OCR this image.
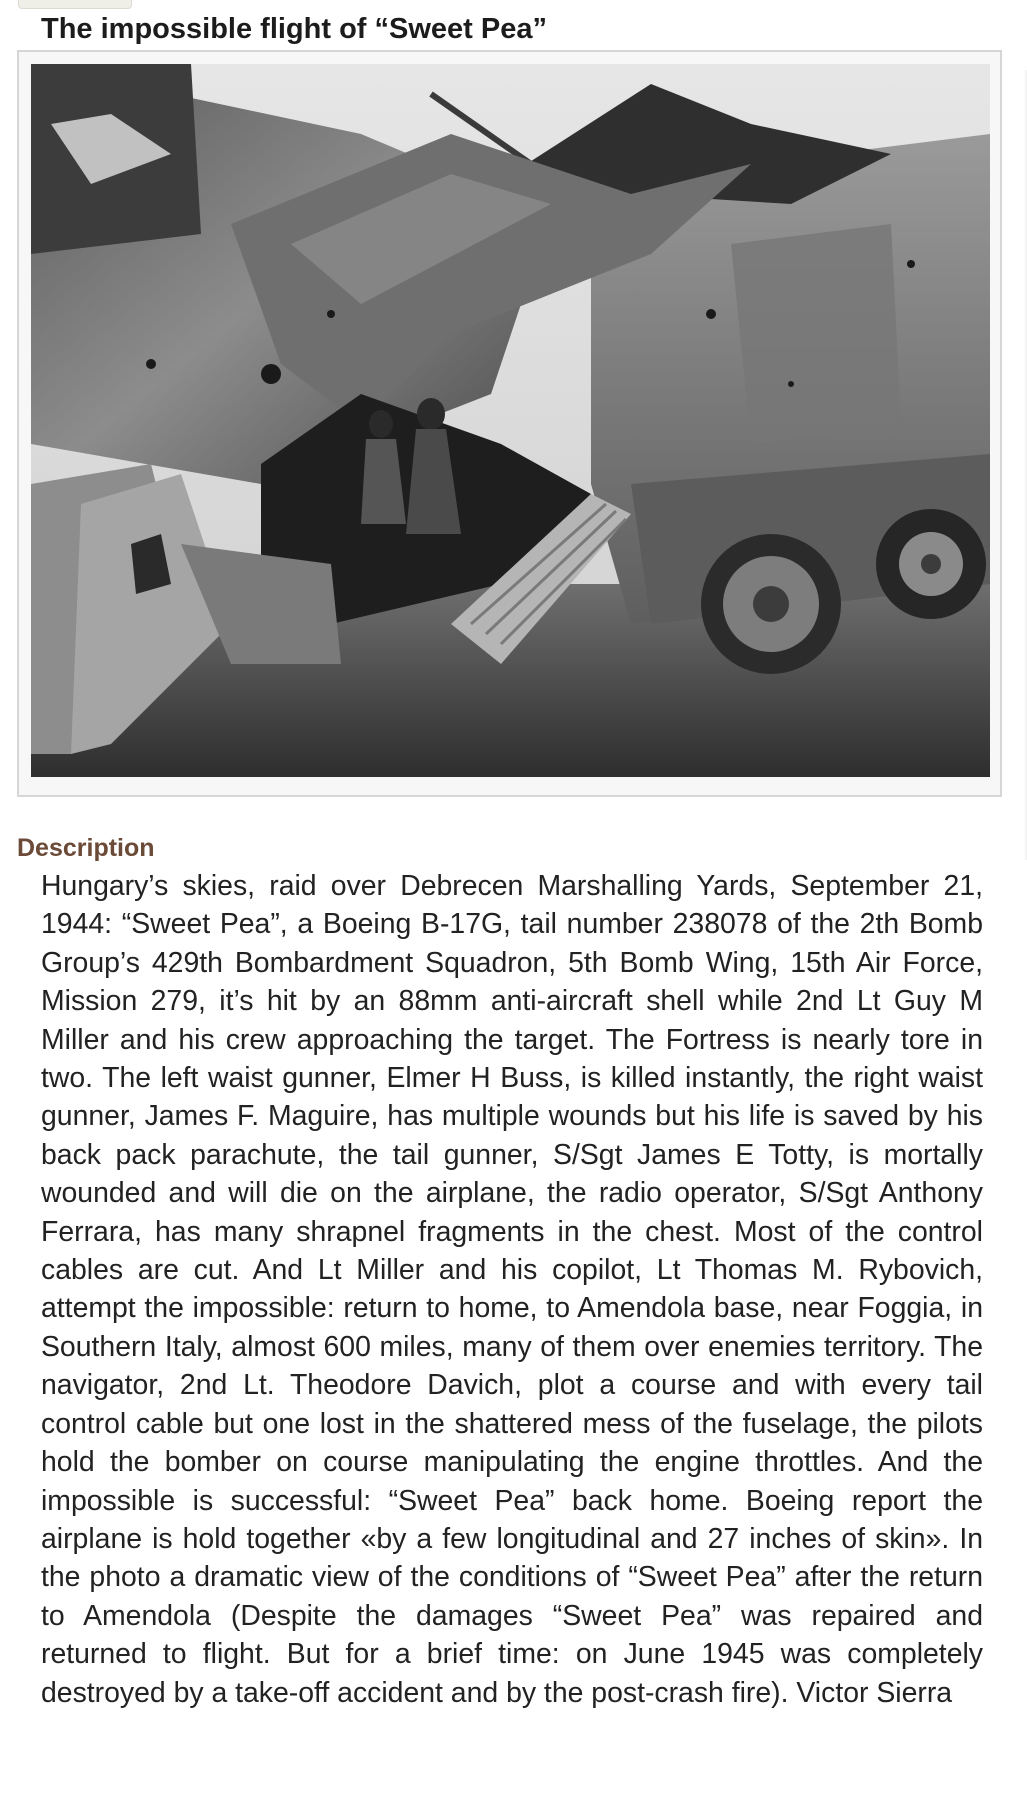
The impossible flight of “Sweet Pea”
Description

Hungary’s skies, raid over Debrecen Marshalling Yards, September 21, 1944: “Sweet Pea”, a Boeing B-17G, tail number 238078 of the 2th Bomb Group’s 429th Bombardment Squadron, 5th Bomb Wing, 15th Air Force, Mission 279, it’s hit by an 88mm anti-aircraft shell while 2nd Lt Guy M Miller and his crew approaching the target. The Fortress is nearly tore in two. The left waist gunner, Elmer H Buss, is killed instantly, the right waist gunner, James F. Maguire, has multiple wounds but his life is saved by his back pack parachute, the tail gunner, S/Sgt James E Totty, is mortally wounded and will die on the airplane, the radio operator, S/Sgt Anthony Ferrara, has many shrapnel fragments in the chest. Most of the control cables are cut. And Lt Miller and his copilot, Lt Thomas M. Rybovich, attempt the impossible: return to home, to Amendola base, near Foggia, in Southern Italy, almost 600 miles, many of them over enemies territory. The navigator, 2nd Lt. Theodore Davich, plot a course and with every tail control cable but one lost in the shattered mess of the fuselage, the pilots hold the bomber on course manipulating the engine throttles. And the impossible is successful: “Sweet Pea” back home. Boeing report the airplane is hold together «by a few longitudinal and 27 inches of skin». In the photo a dramatic view of the conditions of “Sweet Pea” after the return to Amendola (Despite the damages “Sweet Pea” was repaired and returned to flight. But for a brief time: on June 1945 was completely destroyed by a take-off accident and by the post-crash fire). Victor Sierra
